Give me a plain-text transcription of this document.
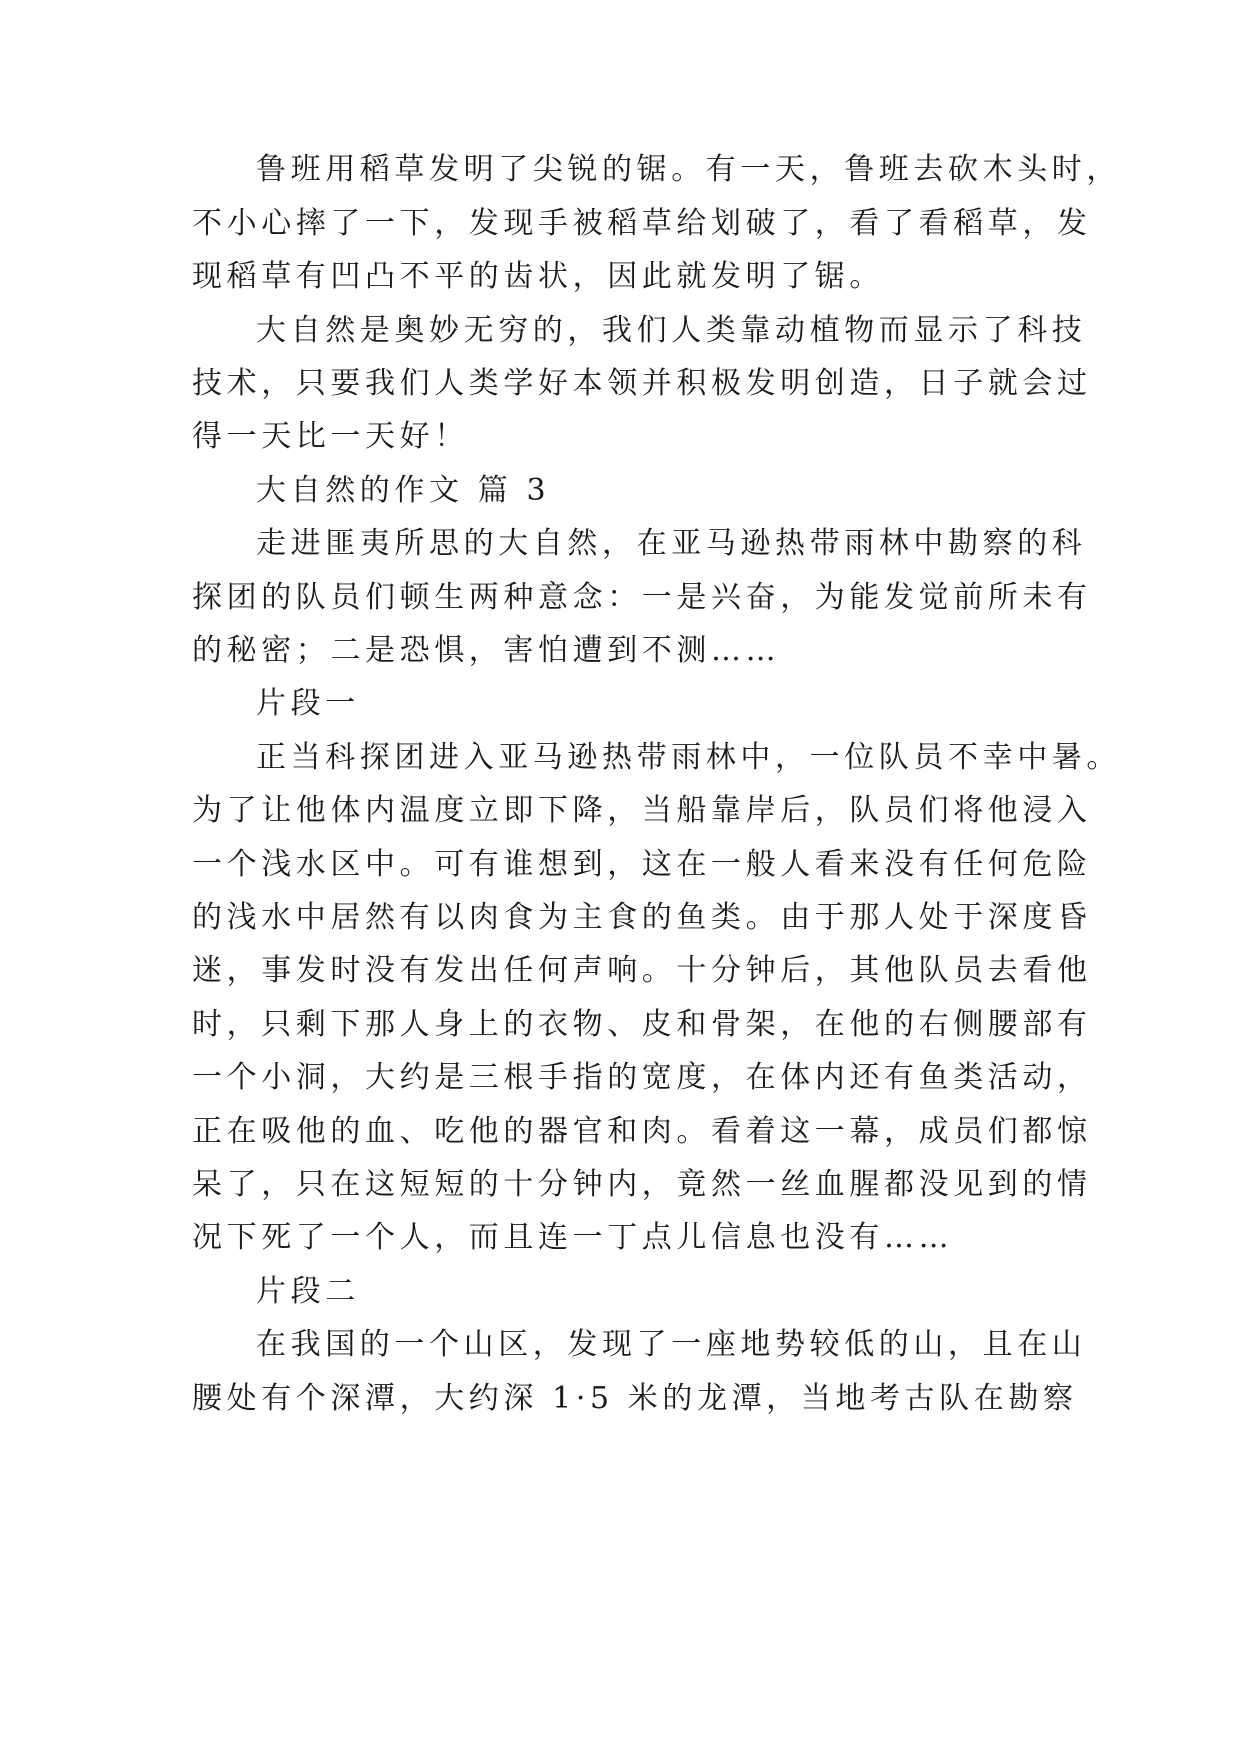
鲁班用稻草发明了尖锐的锯。有一天，鲁班去砍木头时，
不小心摔了一下，发现手被稻草给划破了，看了看稻草，发
现稻草有凹凸不平的齿状，因此就发明了锯。
大自然是奥妙无穷的，我们人类靠动植物而显示了科技
技术，只要我们人类学好本领并积极发明创造，日子就会过
得一天比一天好！
大自然的作文 篇 3
走进匪夷所思的大自然，在亚马逊热带雨林中勘察的科
探团的队员们顿生两种意念：一是兴奋，为能发觉前所未有
的秘密；二是恐惧，害怕遭到不测……
片段一
正当科探团进入亚马逊热带雨林中，一位队员不幸中暑。
为了让他体内温度立即下降，当船靠岸后，队员们将他浸入
一个浅水区中。可有谁想到，这在一般人看来没有任何危险
的浅水中居然有以肉食为主食的鱼类。由于那人处于深度昏
迷，事发时没有发出任何声响。十分钟后，其他队员去看他
时，只剩下那人身上的衣物、皮和骨架，在他的右侧腰部有
一个小洞，大约是三根手指的宽度，在体内还有鱼类活动，
正在吸他的血、吃他的器官和肉。看着这一幕，成员们都惊
呆了，只在这短短的十分钟内，竟然一丝血腥都没见到的情
况下死了一个人，而且连一丁点儿信息也没有……
片段二
在我国的一个山区，发现了一座地势较低的山，且在山
腰处有个深潭，大约深 1·5 米的龙潭，当地考古队在勘察
